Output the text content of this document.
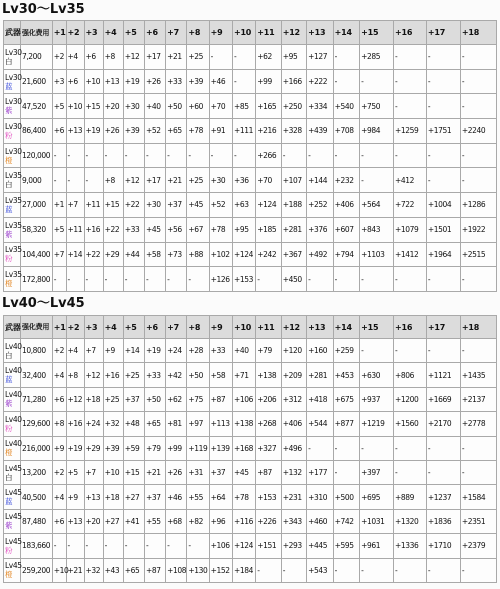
Lv30～Lv35
武器	强化费用	+1	+2	+3	+4	+5	+6	+7	+8	+9	+10	+11	+12	+13	+14	+15	+16	+17	+18

Lv30
白	7,200	+2	+4	+6	+8	+12	+17	+21	+25	-	-	+62	+95	+127	-	+285	-	-	-

Lv30
蓝	21,600	+3	+6	+10	+13	+19	+26	+33	+39	+46	-	+99	+166	+222	-	-	-	-	-

Lv30
紫	47,520	+5	+10	+15	+20	+30	+40	+50	+60	+70	+85	+165	+250	+334	+540	+750	-	-	-

Lv30
粉	86,400	+6	+13	+19	+26	+39	+52	+65	+78	+91	+111	+216	+328	+439	+708	+984	+1259	+1751	+2240

Lv30
橙	120,000	-	-	-	-	-	-	-	-	-	-	+266	-	-	-	-	-	-	-

Lv35
白	9,000	-	-	-	+8	+12	+17	+21	+25	+30	+36	+70	+107	+144	+232	-	+412	-	-

Lv35
蓝	27,000	+1	+7	+11	+15	+22	+30	+37	+45	+52	+63	+124	+188	+252	+406	+564	+722	+1004	+1286

Lv35
紫	58,320	+5	+11	+16	+22	+33	+45	+56	+67	+78	+95	+185	+281	+376	+607	+843	+1079	+1501	+1922

Lv35
粉	104,400	+7	+14	+22	+29	+44	+58	+73	+88	+102	+124	+242	+367	+492	+794	+1103	+1412	+1964	+2515

Lv35
橙	172,800	-	-	-	-	-	-	-	-	+126	+153	-	+450	-	-	-	-	-	-
Lv40～Lv45
武器	强化费用	+1	+2	+3	+4	+5	+6	+7	+8	+9	+10	+11	+12	+13	+14	+15	+16	+17	+18

Lv40
白	10,800	+2	+4	+7	+9	+14	+19	+24	+28	+33	+40	+79	+120	+160	+259	-	-	-	-

Lv40
蓝	32,400	+4	+8	+12	+16	+25	+33	+42	+50	+58	+71	+138	+209	+281	+453	+630	+806	+1121	+1435

Lv40
紫	71,280	+6	+12	+18	+25	+37	+50	+62	+75	+87	+106	+206	+312	+418	+675	+937	+1200	+1669	+2137

Lv40
粉	129,600	+8	+16	+24	+32	+48	+65	+81	+97	+113	+138	+268	+406	+544	+877	+1219	+1560	+2170	+2778

Lv40
橙	216,000	+9	+19	+29	+39	+59	+79	+99	+119	+139	+168	+327	+496	-	-	-	-	-	-

Lv45
白	13,200	+2	+5	+7	+10	+15	+21	+26	+31	+37	+45	+87	+132	+177	-	+397	-	-	-

Lv45
蓝	40,500	+4	+9	+13	+18	+27	+37	+46	+55	+64	+78	+153	+231	+310	+500	+695	+889	+1237	+1584

Lv45
紫	87,480	+6	+13	+20	+27	+41	+55	+68	+82	+96	+116	+226	+343	+460	+742	+1031	+1320	+1836	+2351

Lv45
粉	183,660	-	-	-	-	-	-	-	-	+106	+124	+151	+293	+445	+595	+961	+1336	+1710	+2379

Lv45
橙	259,200	+10	+21	+32	+43	+65	+87	+108	+130	+152	+184	-	-	+543	-	-	-	-	-
